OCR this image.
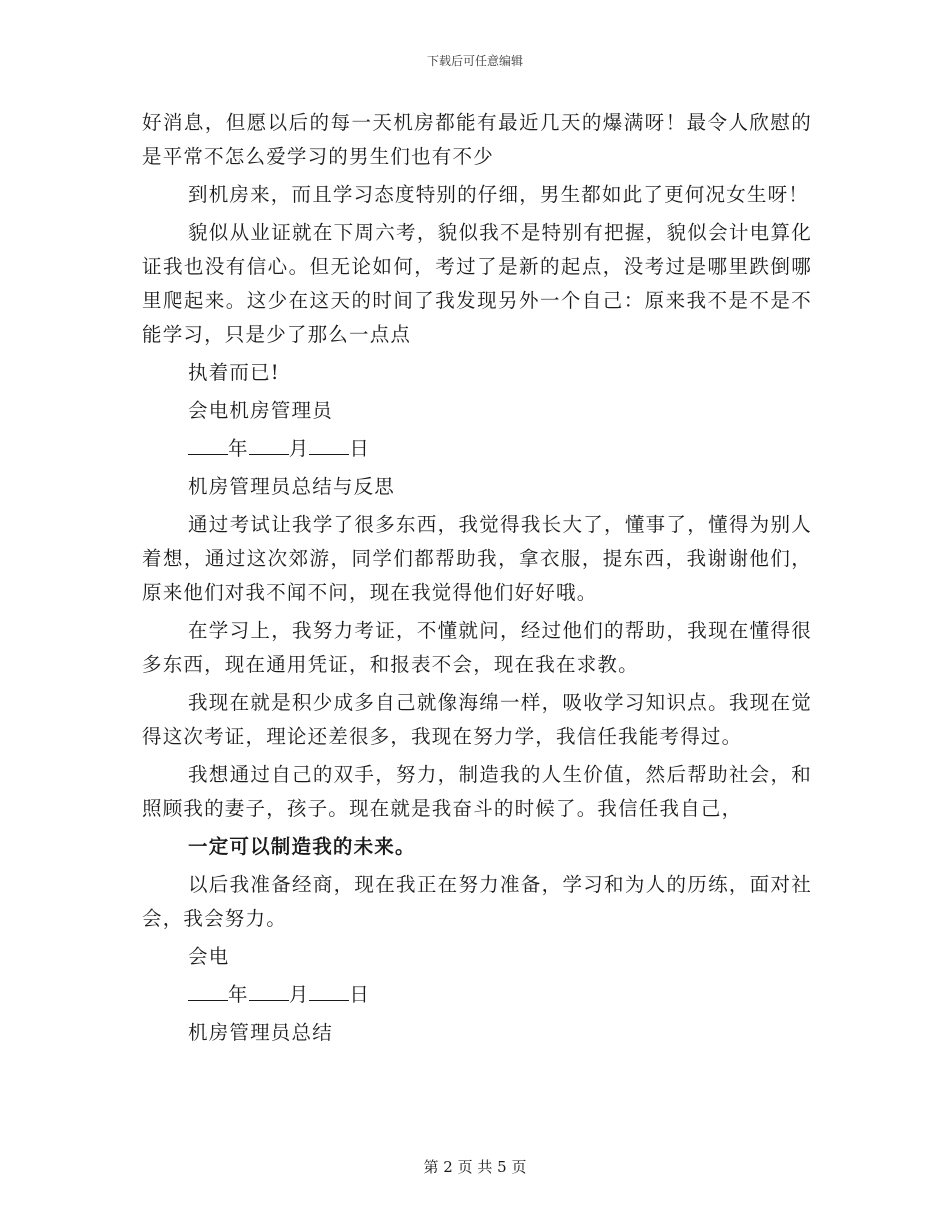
下载后可任意编辑

好消息，但愿以后的每一天机房都能有最近几天的爆满呀！最令人欣慰的是平常不怎么爱学习的男生们也有不少

到机房来，而且学习态度特别的仔细，男生都如此了更何况女生呀！

貌似从业证就在下周六考，貌似我不是特别有把握，貌似会计电算化证我也没有信心。但无论如何，考过了是新的起点，没考过是哪里跌倒哪里爬起来。这少在这天的时间了我发现另外一个自己：原来我不是不是不能学习，只是少了那么一点点

执着而已!

会电机房管理员

年 月 日

机房管理员总结与反思

通过考试让我学了很多东西，我觉得我长大了，懂事了，懂得为别人着想，通过这次郊游，同学们都帮助我，拿衣服，提东西，我谢谢他们，原来他们对我不闻不问，现在我觉得他们好好哦。

在学习上，我努力考证，不懂就问，经过他们的帮助，我现在懂得很多东西，现在通用凭证，和报表不会，现在我在求教。

我现在就是积少成多自己就像海绵一样，吸收学习知识点。我现在觉得这次考证，理论还差很多，我现在努力学，我信任我能考得过。

我想通过自己的双手，努力，制造我的人生价值，然后帮助社会，和照顾我的妻子，孩子。现在就是我奋斗的时候了。我信任我自己，

一定可以制造我的未来。

以后我准备经商，现在我正在努力准备，学习和为人的历练，面对社会，我会努力。

会电

年 月 日

机房管理员总结

第 2 页 共 5 页
